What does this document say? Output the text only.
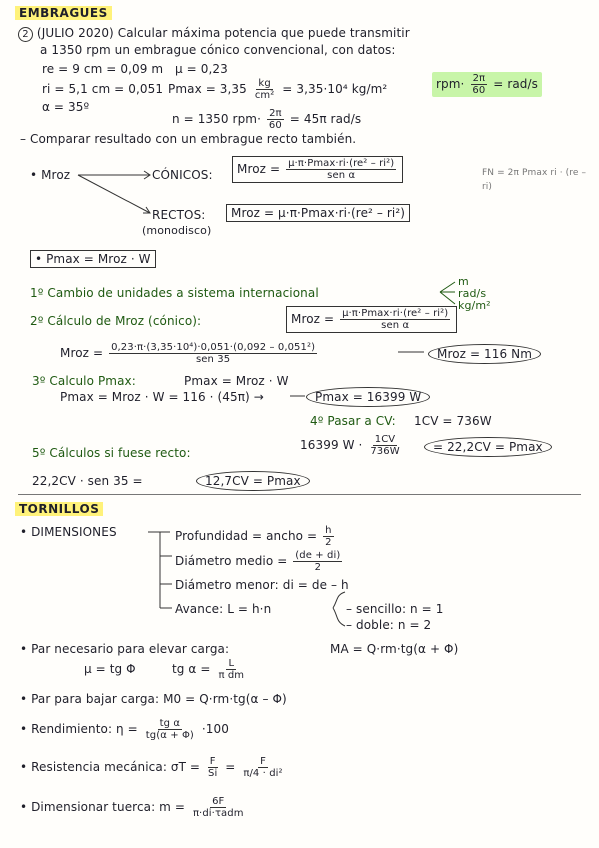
EMBRAGUES
2 (JULIO 2020) Calcular máxima potencia que puede transmitir
a 1350 rpm un embrague cónico convencional, con datos:
re = 9 cm = 0,09 m μ = 0,23
ri = 5,1 cm = 0,051 $Pmax = 3,35 \frac{kg}{\text{cm²}} = 3,35\cdot 10^4$ kg/m²	$rpm\cdot \frac{2\pi}{60} = rad/s$
α = 35º
n = 1350 $rpm\cdot \frac{2\pi}{60} = 45\pi$ rad/s
– Comparar resultado con un embrague recto también.
• Mroz	CÓNICOS:	Mroz = $\frac{\text{μ·π·Pmax·ri·(re² – ri²)}}{\text{sen α}}$	FN = 2π Pmax ri · (re – ri)
RECTOS:
(monodisco)
Mroz = μ·π·Pmax·ri·(re² – ri²)
• Pmax = Mroz · W
1º Cambio de unidades a sistema internacional
m
rad/s
kg/m²
2º Cálculo de Mroz (cónico):	Mroz = $\frac{\text{μ·π·Pmax·ri·(re² – ri²)}}{\text{sen α}}$
Mroz = $\frac{\text{0,23·π·(3,35·10⁴)·0,051·(0,092 – 0,051²)}}{\text{sen 35}}$	Mroz = 116 Nm
3º Calculo Pmax:	Pmax = Mroz · W
Pmax = Mroz · W = 116 · (45π) →	Pmax = 16399 W
4º Pasar a CV: 1CV = 736W
16399 $W \cdot \frac{1CV}{736W}$	= 22,2CV = Pmax
5º Cálculos si fuese recto:
22,2CV · sen 35 =	12,7CV = Pmax
TORNILLOS
• DIMENSIONES	Profundidad = ancho = $\frac{h}{2}$
Diámetro medio = $\frac{(de + di)}{2}$
Diámetro menor: di = de – h
Avance: L = h·n	– sencillo: n = 1
– doble: n = 2
• Par necesario para elevar carga:	MA = Q·rm·tg(α + Φ)
μ = tg Φ	tg $\alpha = \frac{L}{\text{π dm}}$
• Par para bajar carga: M0 = Q·rm·tg(α – Φ)
• Rendimiento: $\eta = \frac{\text{tg α}}{tg(\alpha + \Phi)} \cdot 100$
• Resistencia mecánica: $\sigma T = \frac{F}{Si} = \frac{F}{\text{π/4 · di²}}$
• Dimensionar tuerca: $m = \frac{6F}{\text{π·di·τadm}}$
